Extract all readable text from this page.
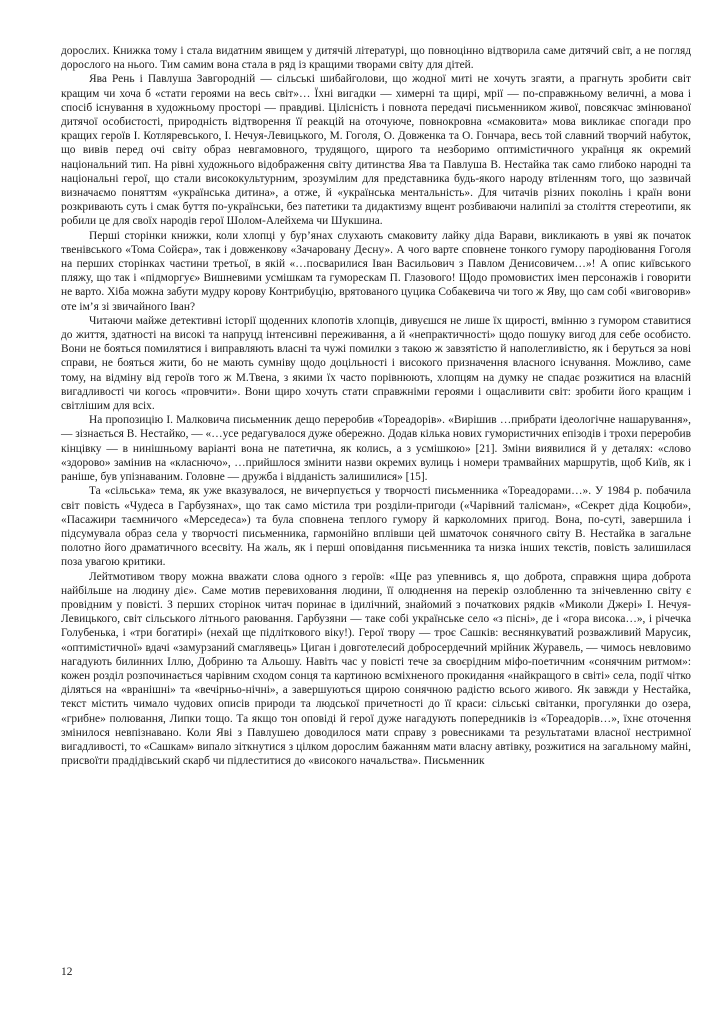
дорослих. Книжка тому і стала видатним явищем у дитячій літературі, що повноцінно відтворила саме дитячий світ, а не погляд дорослого на нього. Тим самим вона стала в ряд із кращими творами світу для дітей.

Ява Рень і Павлуша Завгородній — сільські шибайголови, що жодної миті не хочуть згаяти, а прагнуть зробити світ кращим чи хоча б «стати героями на весь світ»… Їхні вигадки — химерні та щирі, мрії — по-справжньому величні, а мова і спосіб існування в художньому просторі — правдиві. Цілісність і повнота передачі письменником живої, повсякчас змінюваної дитячої особистості, природність відтворення її реакцій на оточуюче, повнокровна «смаковита» мова викликає спогади про кращих героїв І. Котляревського, І. Нечуя-Левицького, М. Гоголя, О. Довженка та О. Гончара, весь той славний творчий набуток, що вивів перед очі світу образ невгамовного, трудящого, щирого та незборимо оптимістичного українця як окремий національний тип. На рівні художнього відображення світу дитинства Ява та Павлуша В. Нестайка так само глибоко народні та національні герої, що стали висококультурним, зрозумілим для представника будь-якого народу втіленням того, що зазвичай визначаємо поняттям «українська дитина», а отже, й «українська ментальність». Для читачів різних поколінь і країн вони розкривають суть і смак буття по-українськи, без патетики та дидактизму вщент розбиваючи налипілі за століття стереотипи, як робили це для своїх народів герої Шолом-Алейхема чи Шукшина.

Перші сторінки книжки, коли хлопці у бур’янах слухають смаковиту лайку діда Варави, викликають в уяві як початок твенівського «Тома Сойєра», так і довженкову «Зачаровану Десну». А чого варте сповнене тонкого гумору пародіювання Гоголя на перших сторінках частини третьої, в якій «…посварилися Іван Васильович з Павлом Денисовичем…»! А опис київського пляжу, що так і «підморгує» Вишневими усмішкам та гуморескам П. Глазового! Щодо промовистих імен персонажів і говорити не варто. Хіба можна забути мудру корову Контрибуцію, врятованого цуцика Собакевича чи того ж Яву, що сам собі «виговорив» оте ім’я зі звичайного Іван?

Читаючи майже детективні історії щоденних клопотів хлопців, дивуєшся не лише їх щирості, вмінню з гумором ставитися до життя, здатності на високі та напруцд інтенсивні переживання, а й «непрактичності» щодо пошуку вигод для себе особисто. Вони не бояться помилятися і виправляють власні та чужі помилки з такою ж завзятістю й наполегливістю, як і беруться за нові справи, не бояться жити, бо не мають сумніву щодо доцільності і високого призначення власного існування. Можливо, саме тому, на відміну від героїв того ж М.Твена, з якими їх часто порівнюють, хлопцям на думку не спадає розжитися на власній вигадливості чи когось «провчити». Вони щиро хочуть стати справжніми героями і ощасливити світ: зробити його кращим і світлішим для всіх.

На пропозицію І. Малковича письменник дещо переробив «Тореадорів». «Вирішив …прибрати ідеологічне нашарування», — зізнається В. Нестайко, — «…усе редагувалося дуже обережно. Додав кілька нових гумористичних епізодів і трохи переробив кінцівку — в нинішньому варіанті вона не патетична, як колись, а з усмішкою» [21]. Зміни виявилися й у деталях: «слово «здорово» замінив на «класнючо», …прийшлося змінити назви окремих вулиць і номери трамвайних маршрутів, щоб Київ, як і раніше, був упізнаваним. Головне — дружба і відданість залишилися» [15].

Та «сільська» тема, як уже вказувалося, не вичерпується у творчості письменника «Тореадорами…». У 1984 р. побачила світ повість «Чудеса в Гарбузянах», що так само містила три розділи-пригоди («Чарівний талісман», «Секрет діда Коцюби», «Пасажири таємничого «Мерседеса») та була сповнена теплого гумору й карколомних пригод. Вона, по-суті, завершила і підсумувала образ села у творчості письменника, гармонійно вплівши цей шматочок сонячного світу В. Нестайка в загальне полотно його драматичного всесвіту. На жаль, як і перші оповідання письменника та низка інших текстів, повість залишилася поза увагою критики.

Лейтмотивом твору можна вважати слова одного з героїв: «Ще раз упевнивсь я, що доброта, справжня щира доброта найбільше на людину діє». Саме мотив перевиховання людини, її олюднення на перекір озлобленню та знічевленню світу є провідним у повісті. З перших сторінок читач поринає в ідилічний, знайомий з початкових рядків «Миколи Джері» І. Нечуя-Левицького, світ сільського літнього раювання. Гарбузяни — таке собі українське село «з пісні», де і «гора висока…», і річечка Голубенька, і «три богатирі» (нехай ще підліткового віку!). Герої твору — троє Сашків: веснянкуватий розважливий Марусик, «оптимістичної» вдачі «замурзаний смаглявець» Циган і довготелесий добросердечний мрійник Журавель, — чимось невловимо нагадують билинних Іллю, Добриню та Альошу. Навіть час у повісті тече за своєрідним міфо-поетичним «сонячним ритмом»: кожен розділ розпочинається чарівним сходом сонця та картиною всміхненого прокидання «найкращого в світі» села, події чітко діляться на «вранішні» та «вечірньо-нічні», а завершуються щирою сонячною радістю всього живого. Як завжди у Нестайка, текст містить чимало чудових описів природи та людської причетності до її краси: сільські світанки, прогулянки до озера, «грибне» полювання, Липки тощо. Та якщо тон оповіді й герої дуже нагадують попередників із «Тореадорів…», їхнє оточення змінилося невпізнавано. Коли Яві з Павлушею доводилося мати справу з ровесниками та результатами власної нестримної вигадливості, то «Сашкам» випало зіткнутися з цілком дорослим бажанням мати власну автівку, розжитися на загальному майні, присвоїти прадідівський скарб чи підлеститися до «високого начальства». Письменник

12
